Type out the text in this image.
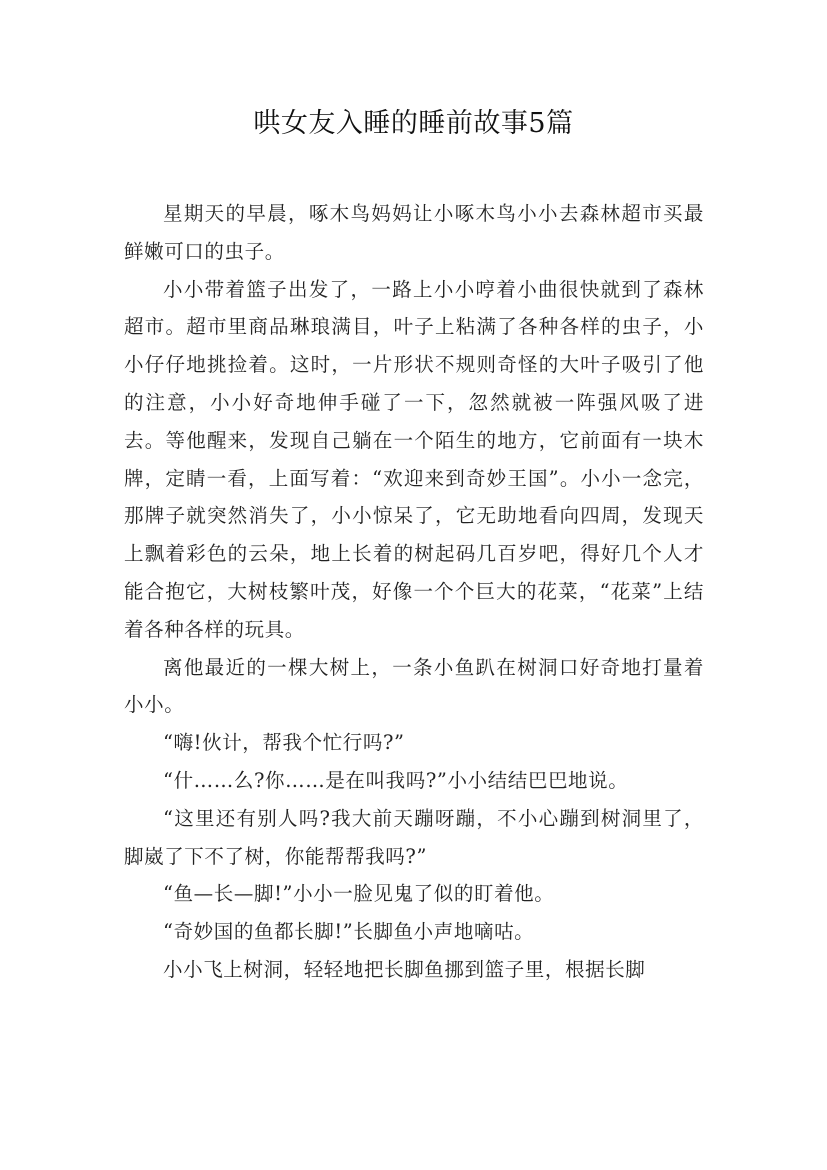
哄女友入睡的睡前故事5篇

星期天的早晨，啄木鸟妈妈让小啄木鸟小小去森林超市买最鲜嫩可口的虫子。

小小带着篮子出发了，一路上小小哼着小曲很快就到了森林超市。超市里商品琳琅满目，叶子上粘满了各种各样的虫子，小小仔仔地挑捡着。这时，一片形状不规则奇怪的大叶子吸引了他的注意，小小好奇地伸手碰了一下，忽然就被一阵强风吸了进去。等他醒来，发现自己躺在一个陌生的地方，它前面有一块木牌，定睛一看，上面写着：“欢迎来到奇妙王国”。小小一念完，那牌子就突然消失了，小小惊呆了，它无助地看向四周，发现天上飘着彩色的云朵，地上长着的树起码几百岁吧，得好几个人才能合抱它，大树枝繁叶茂，好像一个个巨大的花菜，“花菜”上结着各种各样的玩具。

离他最近的一棵大树上，一条小鱼趴在树洞口好奇地打量着小小。

“嗨!伙计，帮我个忙行吗?”

“什……么?你……是在叫我吗?”小小结结巴巴地说。

“这里还有别人吗?我大前天蹦呀蹦，不小心蹦到树洞里了，脚崴了下不了树，你能帮帮我吗?”

“鱼—长—脚!”小小一脸见鬼了似的盯着他。

“奇妙国的鱼都长脚!”长脚鱼小声地嘀咕。

小小飞上树洞，轻轻地把长脚鱼挪到篮子里，根据长脚
